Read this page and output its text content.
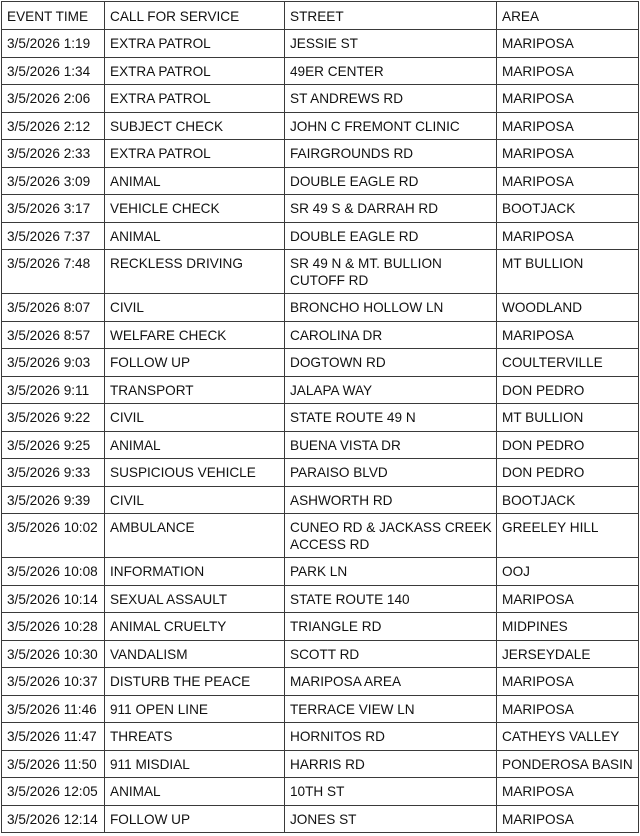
EVENT TIME	CALL FOR SERVICE	STREET	AREA
3/5/2026 1:19	EXTRA PATROL	JESSIE ST	MARIPOSA
3/5/2026 1:34	EXTRA PATROL	49ER CENTER	MARIPOSA
3/5/2026 2:06	EXTRA PATROL	ST ANDREWS RD	MARIPOSA
3/5/2026 2:12	SUBJECT CHECK	JOHN C FREMONT CLINIC	MARIPOSA
3/5/2026 2:33	EXTRA PATROL	FAIRGROUNDS RD	MARIPOSA
3/5/2026 3:09	ANIMAL	DOUBLE EAGLE RD	MARIPOSA
3/5/2026 3:17	VEHICLE CHECK	SR 49 S & DARRAH RD	BOOTJACK
3/5/2026 7:37	ANIMAL	DOUBLE EAGLE RD	MARIPOSA
3/5/2026 7:48	RECKLESS DRIVING	SR 49 N & MT. BULLION CUTOFF RD	MT BULLION
3/5/2026 8:07	CIVIL	BRONCHO HOLLOW LN	WOODLAND
3/5/2026 8:57	WELFARE CHECK	CAROLINA DR	MARIPOSA
3/5/2026 9:03	FOLLOW UP	DOGTOWN RD	COULTERVILLE
3/5/2026 9:11	TRANSPORT	JALAPA WAY	DON PEDRO
3/5/2026 9:22	CIVIL	STATE ROUTE 49 N	MT BULLION
3/5/2026 9:25	ANIMAL	BUENA VISTA DR	DON PEDRO
3/5/2026 9:33	SUSPICIOUS VEHICLE	PARAISO BLVD	DON PEDRO
3/5/2026 9:39	CIVIL	ASHWORTH RD	BOOTJACK
3/5/2026 10:02	AMBULANCE	CUNEO RD & JACKASS CREEK ACCESS RD	GREELEY HILL
3/5/2026 10:08	INFORMATION	PARK LN	OOJ
3/5/2026 10:14	SEXUAL ASSAULT	STATE ROUTE 140	MARIPOSA
3/5/2026 10:28	ANIMAL CRUELTY	TRIANGLE RD	MIDPINES
3/5/2026 10:30	VANDALISM	SCOTT RD	JERSEYDALE
3/5/2026 10:37	DISTURB THE PEACE	MARIPOSA AREA	MARIPOSA
3/5/2026 11:46	911 OPEN LINE	TERRACE VIEW LN	MARIPOSA
3/5/2026 11:47	THREATS	HORNITOS RD	CATHEYS VALLEY
3/5/2026 11:50	911 MISDIAL	HARRIS RD	PONDEROSA BASIN
3/5/2026 12:05	ANIMAL	10TH ST	MARIPOSA
3/5/2026 12:14	FOLLOW UP	JONES ST	MARIPOSA
